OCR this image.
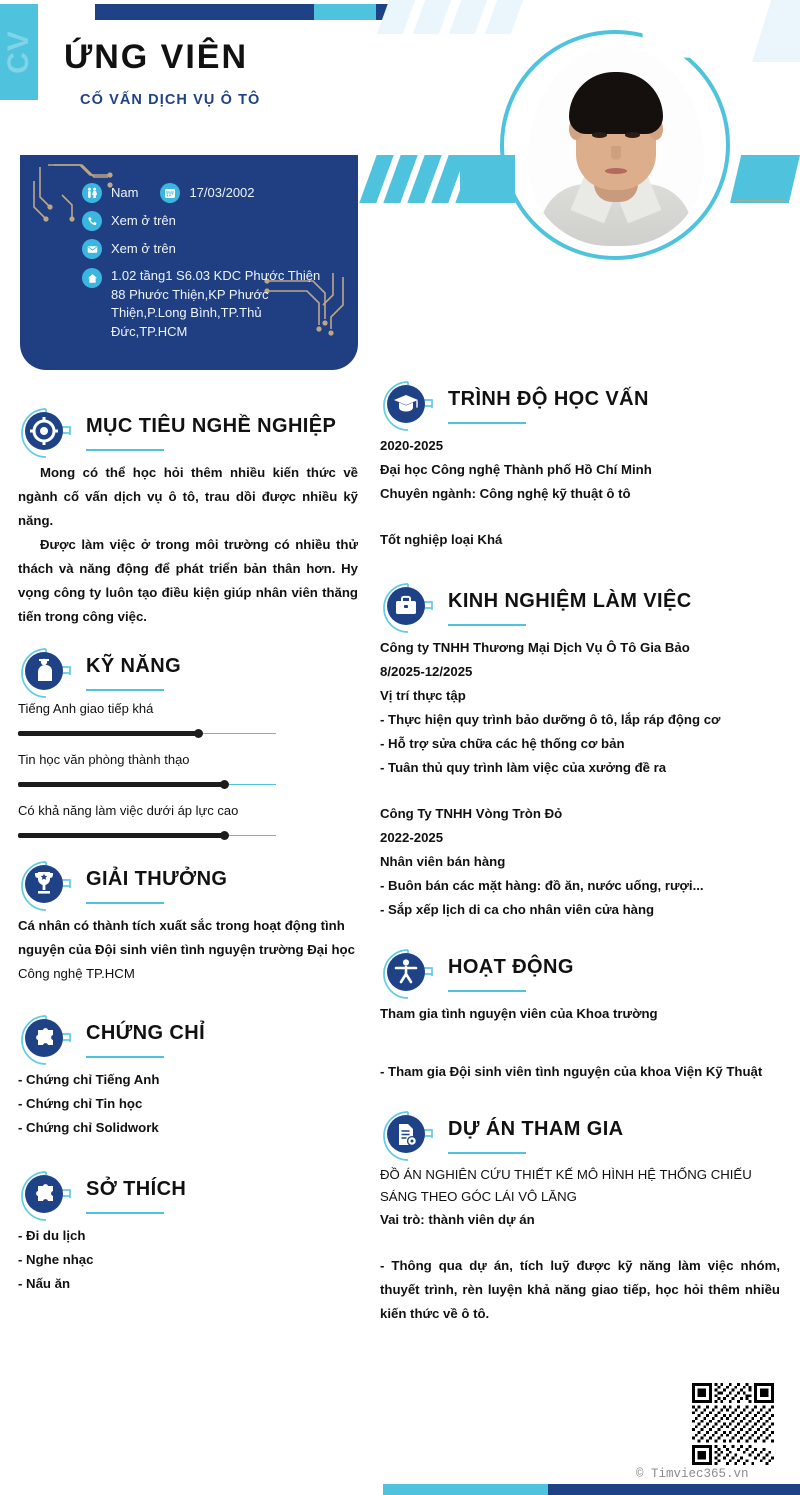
CV ỨNG VIÊN
CỐ VẤN DỊCH VỤ Ô TÔ
Nam	17/03/2002
Xem ở trên
Xem ở trên
1.02 tầng1 S6.03 KDC Phước Thiện 88 Phước Thiện,KP Phước Thiện,P.Long Bình,TP.Thủ Đức,TP.HCM
MỤC TIÊU NGHỀ NGHIỆP
Mong có thể học hỏi thêm nhiều kiến thức về ngành cố vấn dịch vụ ô tô, trau dồi được nhiều kỹ năng.
Được làm việc ở trong môi trường có nhiều thử thách và năng động để phát triển bản thân hơn. Hy vọng công ty luôn tạo điều kiện giúp nhân viên thăng tiến trong công việc.
KỸ NĂNG
Tiếng Anh giao tiếp khá
Tin học văn phòng thành thạo
Có khả năng làm việc dưới áp lực cao
GIẢI THƯỞNG
Cá nhân có thành tích xuất sắc trong hoạt động tình nguyện của Đội sinh viên tình nguyện trường Đại học
Công nghệ TP.HCM
CHỨNG CHỈ
- Chứng chỉ Tiếng Anh
- Chứng chỉ Tin học
- Chứng chỉ Solidwork
SỞ THÍCH
- Đi du lịch
- Nghe nhạc
- Nấu ăn
TRÌNH ĐỘ HỌC VẤN
2020-2025
Đại học Công nghệ Thành phố Hồ Chí Minh
Chuyên ngành: Công nghệ kỹ thuật ô tô
Tốt nghiệp loại Khá
KINH NGHIỆM LÀM VIỆC
Công ty TNHH Thương Mại Dịch Vụ Ô Tô Gia Bảo
8/2025-12/2025
Vị trí thực tập
- Thực hiện quy trình bảo dưỡng ô tô, lắp ráp động cơ
- Hỗ trợ sửa chữa các hệ thống cơ bản
- Tuân thủ quy trình làm việc của xưởng đề ra
Công Ty TNHH Vòng Tròn Đỏ
2022-2025
Nhân viên bán hàng
- Buôn bán các mặt hàng: đồ ăn, nước uống, rượi...
- Sắp xếp lịch di ca cho nhân viên cửa hàng
HOẠT ĐỘNG
Tham gia tình nguyện viên của Khoa trường
- Tham gia Đội sinh viên tình nguyện của khoa Viện Kỹ Thuật
DỰ ÁN THAM GIA
ĐỒ ÁN NGHIÊN CỨU THIẾT KẾ MÔ HÌNH HỆ THỐNG CHIẾU SÁNG THEO GÓC LÁI VÔ LĂNG
Vai trò: thành viên dự án
- Thông qua dự án, tích luỹ được kỹ năng làm việc nhóm, thuyết trình, rèn luyện khả năng giao tiếp, học hỏi thêm nhiều kiến thức về ô tô.
© Timviec365.vn
